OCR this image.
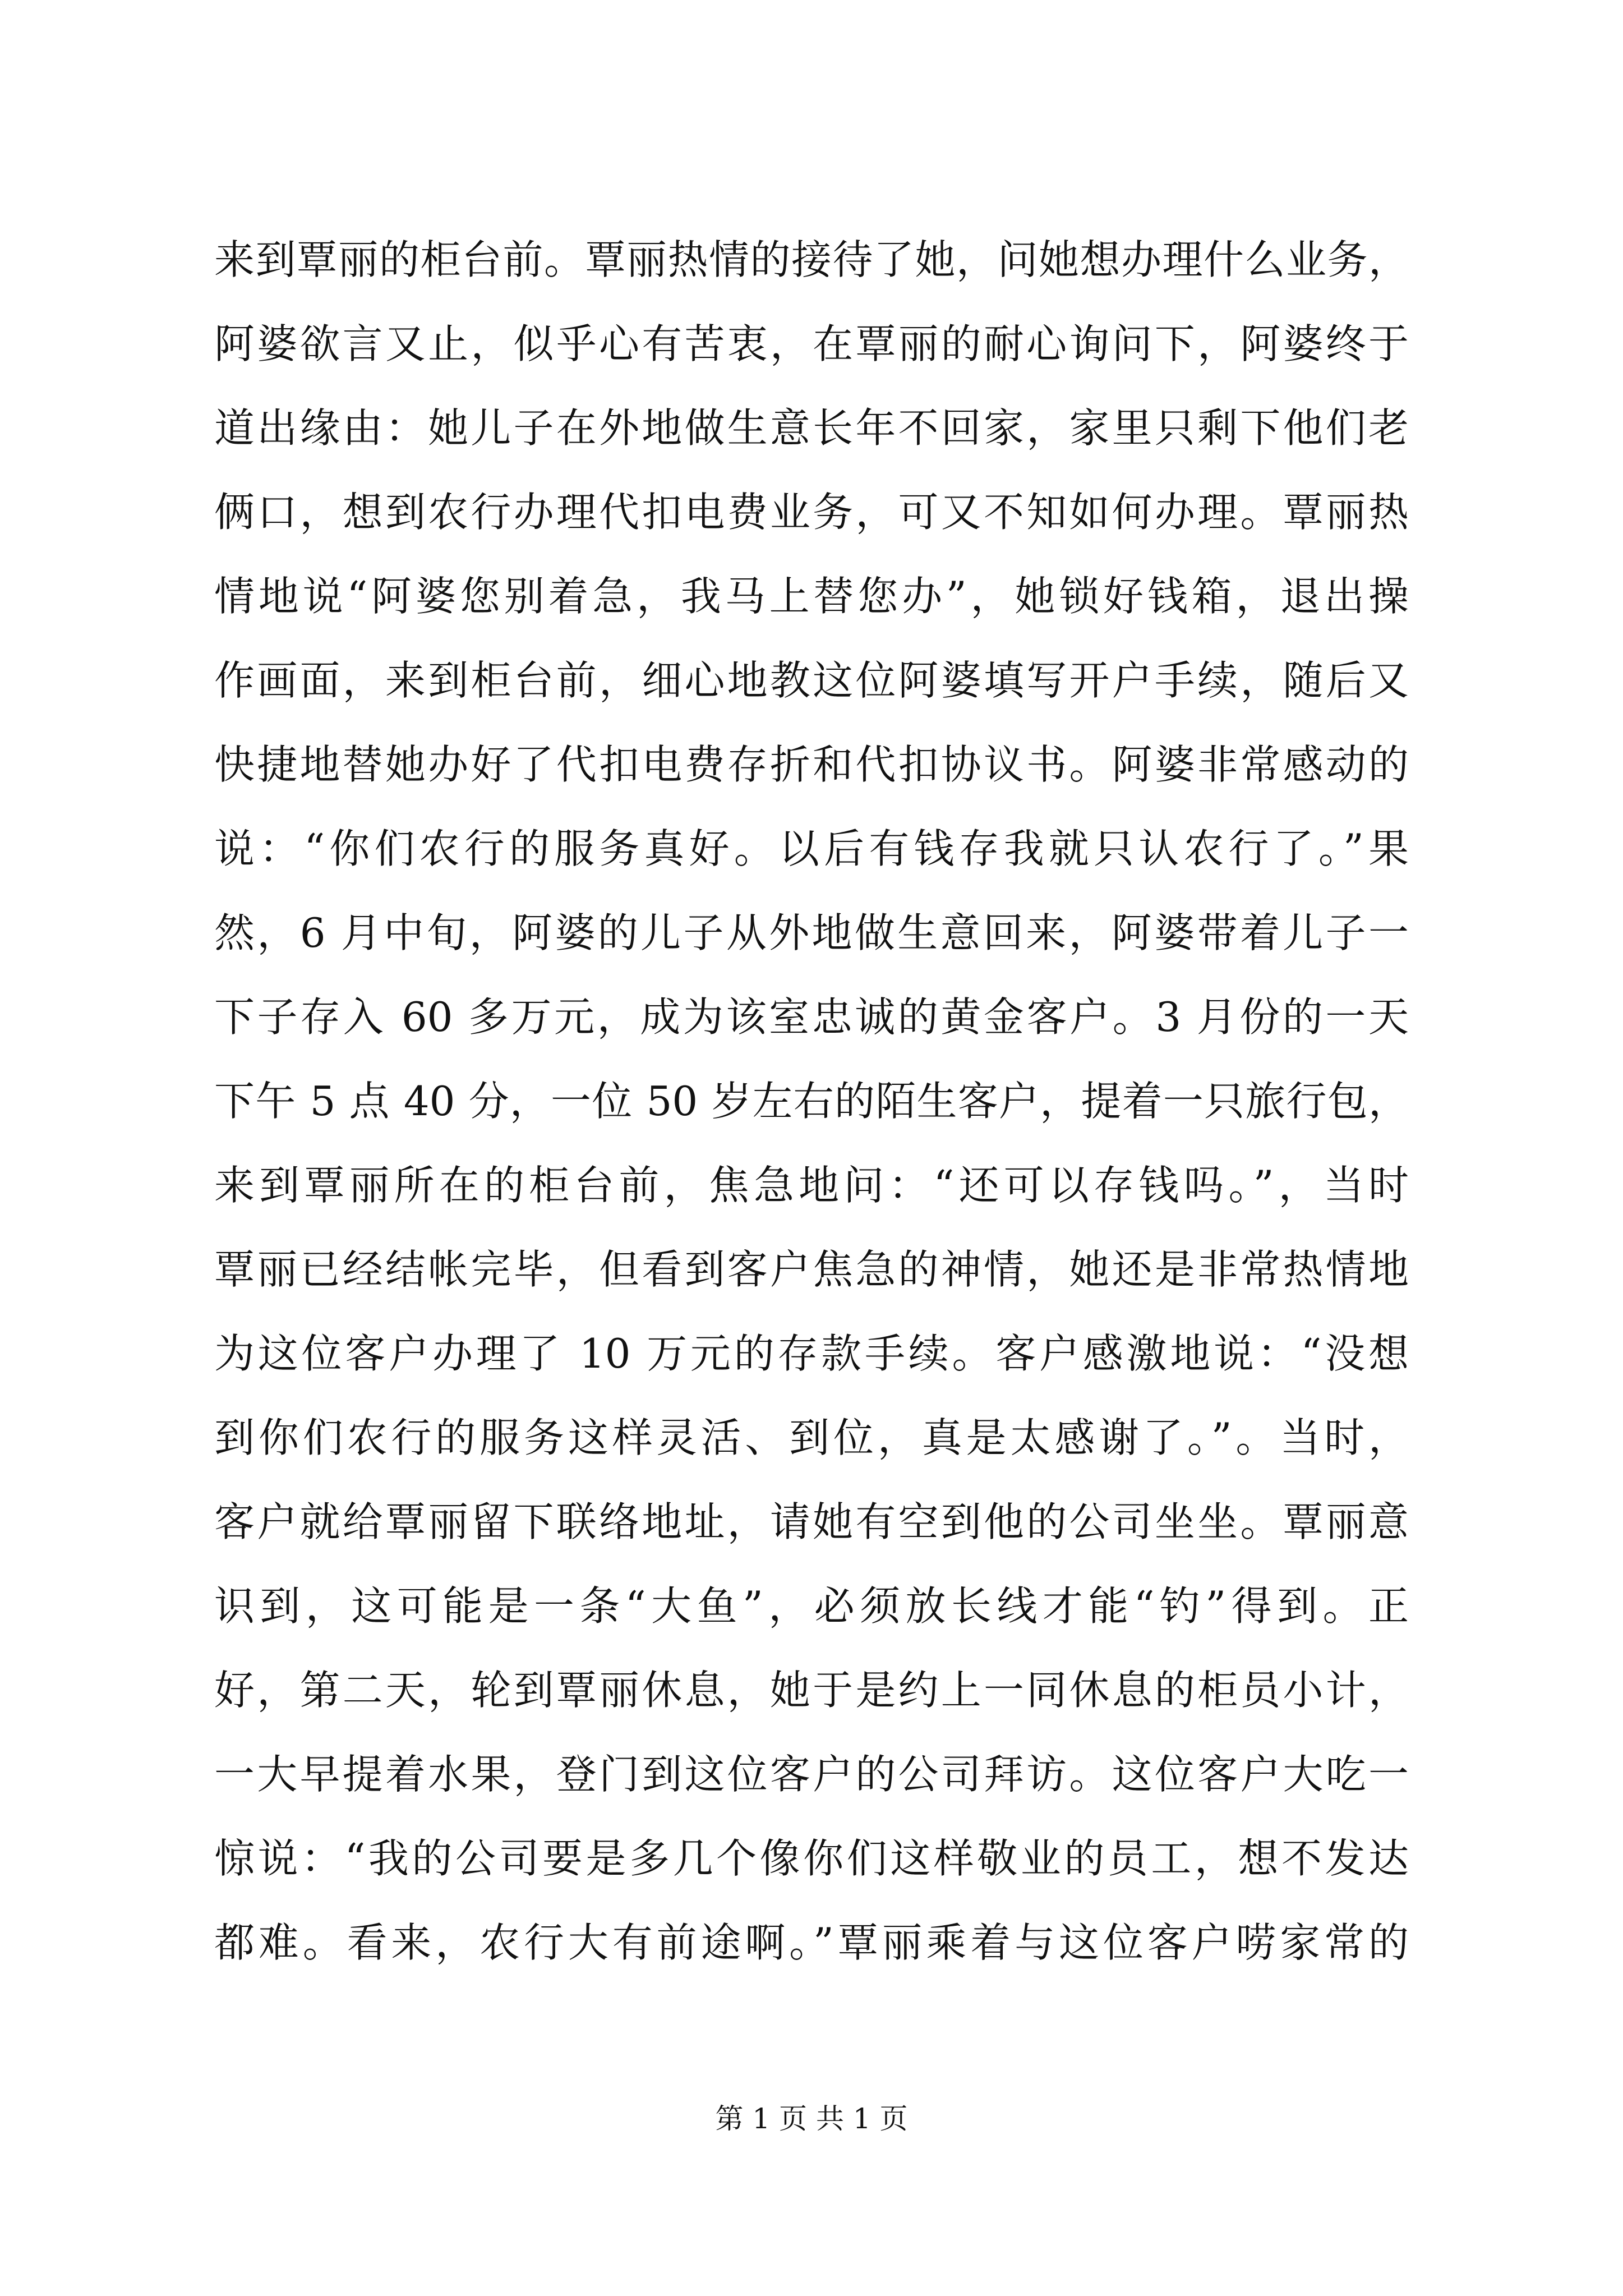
来到覃丽的柜台前。覃丽热情的接待了她，问她想办理什么业务，
阿婆欲言又止，似乎心有苦衷，在覃丽的耐心询问下，阿婆终于
道出缘由：她儿子在外地做生意长年不回家，家里只剩下他们老
俩口，想到农行办理代扣电费业务，可又不知如何办理。覃丽热
情地说“阿婆您别着急，我马上替您办”，她锁好钱箱，退出操
作画面，来到柜台前，细心地教这位阿婆填写开户手续，随后又
快捷地替她办好了代扣电费存折和代扣协议书。阿婆非常感动的
说：“你们农行的服务真好。以后有钱存我就只认农行了。”果
然，6 月中旬，阿婆的儿子从外地做生意回来，阿婆带着儿子一
下子存入 60 多万元，成为该室忠诚的黄金客户。3 月份的一天
下午 5 点 40 分，一位 50 岁左右的陌生客户，提着一只旅行包，
来到覃丽所在的柜台前，焦急地问：“还可以存钱吗。”，当时
覃丽已经结帐完毕，但看到客户焦急的神情，她还是非常热情地
为这位客户办理了 10 万元的存款手续。客户感激地说：“没想
到你们农行的服务这样灵活、到位，真是太感谢了。”。当时，
客户就给覃丽留下联络地址，请她有空到他的公司坐坐。覃丽意
识到，这可能是一条“大鱼”，必须放长线才能“钓”得到。正
好，第二天，轮到覃丽休息，她于是约上一同休息的柜员小计，
一大早提着水果，登门到这位客户的公司拜访。这位客户大吃一
惊说：“我的公司要是多几个像你们这样敬业的员工，想不发达
都难。看来，农行大有前途啊。”覃丽乘着与这位客户唠家常的
第 1 页 共 1 页
